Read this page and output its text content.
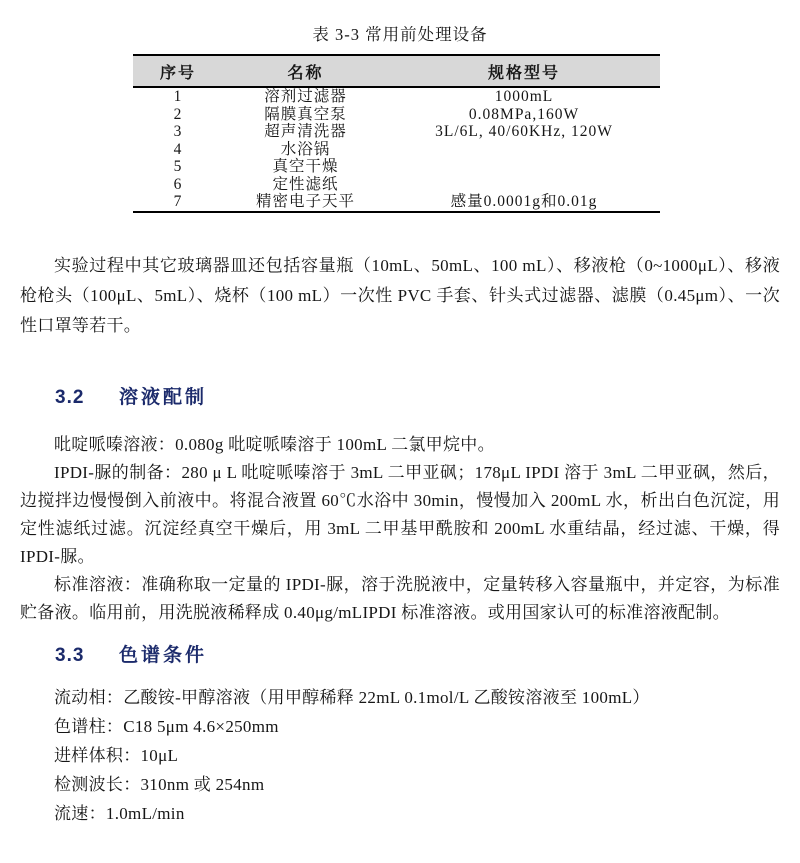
表 3-3 常用前处理设备
序号	名称	规格型号
1	溶剂过滤器	1000mL
2	隔膜真空泵	0.08MPa,160W
3	超声清洗器	3L/6L, 40/60KHz, 120W
4	水浴锅	
5	真空干燥	
6	定性滤纸	
7	精密电子天平	感量0.0001g和0.01g

实验过程中其它玻璃器皿还包括容量瓶（10mL、50mL、100 mL）、移液枪（0~1000μL）、移液枪枪头（100μL、5mL）、烧杯（100 mL）一次性 PVC 手套、针头式过滤器、滤膜（0.45μm）、一次性口罩等若干。

3.2 溶液配制

吡啶哌嗪溶液：0.080g 吡啶哌嗪溶于 100mL 二氯甲烷中。

IPDI-脲的制备：280 μ L 吡啶哌嗪溶于 3mL 二甲亚砜；178μL IPDI 溶于 3mL 二甲亚砜，然后，边搅拌边慢慢倒入前液中。将混合液置 60℃水浴中 30min，慢慢加入 200mL 水，析出白色沉淀，用定性滤纸过滤。沉淀经真空干燥后，用 3mL 二甲基甲酰胺和 200mL 水重结晶，经过滤、干燥，得 IPDI-脲。

标准溶液：准确称取一定量的 IPDI-脲，溶于洗脱液中，定量转移入容量瓶中，并定容，为标准贮备液。临用前，用洗脱液稀释成 0.40μg/mLIPDI 标准溶液。或用国家认可的标准溶液配制。

3.3 色谱条件

流动相：乙酸铵-甲醇溶液（用甲醇稀释 22mL 0.1mol/L 乙酸铵溶液至 100mL）

色谱柱：C18 5μm 4.6×250mm

进样体积：10μL

检测波长：310nm 或 254nm

流速：1.0mL/min
